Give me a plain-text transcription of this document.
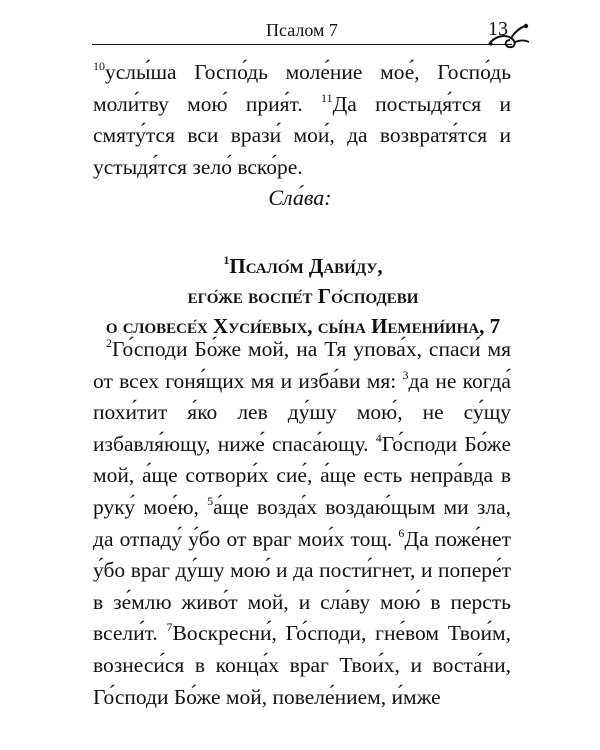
Псалом 7	13

$^{10}$услы́ша Госпо́дь моле́ние мое́, Госпо́дь моли́тву мою́ прия́т. $^{11}$Да постыдя́тся и смяту́тся вси врази́ мои́, да возвратя́тся и устыдя́тся зело́ вско́ре.

Сла́ва:
$^1$Псало́м Дави́ду,
его́же воспе́т Го́сподеви
о словесе́х Хуси́евых, сы́на Иемени́ина, 7

$^2$Го́споди Бо́же мой, на Тя упова́х, спаси́ мя от всех гоня́щих мя и изба́ви мя: $^3$да не когда́ похи́тит я́ко лев ду́шу мою́, не су́щу избавля́ющу, ниже́ спаса́ющу. $^4$Го́споди Бо́же мой, а́ще сотвори́х сие́, а́ще есть непра́вда в руку́ мое́ю, $^5$а́ще возда́х воздаю́щым ми зла, да отпаду́ у́бо от враг мои́х тощ. $^6$Да поже́нет у́бо враг ду́шу мою́ и да пости́гнет, и попере́т в зе́млю живо́т мой, и сла́ву мою́ в персть всели́т. $^7$Воскресни́, Го́споди, гне́вом Твои́м, вознеси́ся в конца́х враг Твои́х, и воста́ни, Го́споди Бо́же мой, повеле́нием, и́мже
